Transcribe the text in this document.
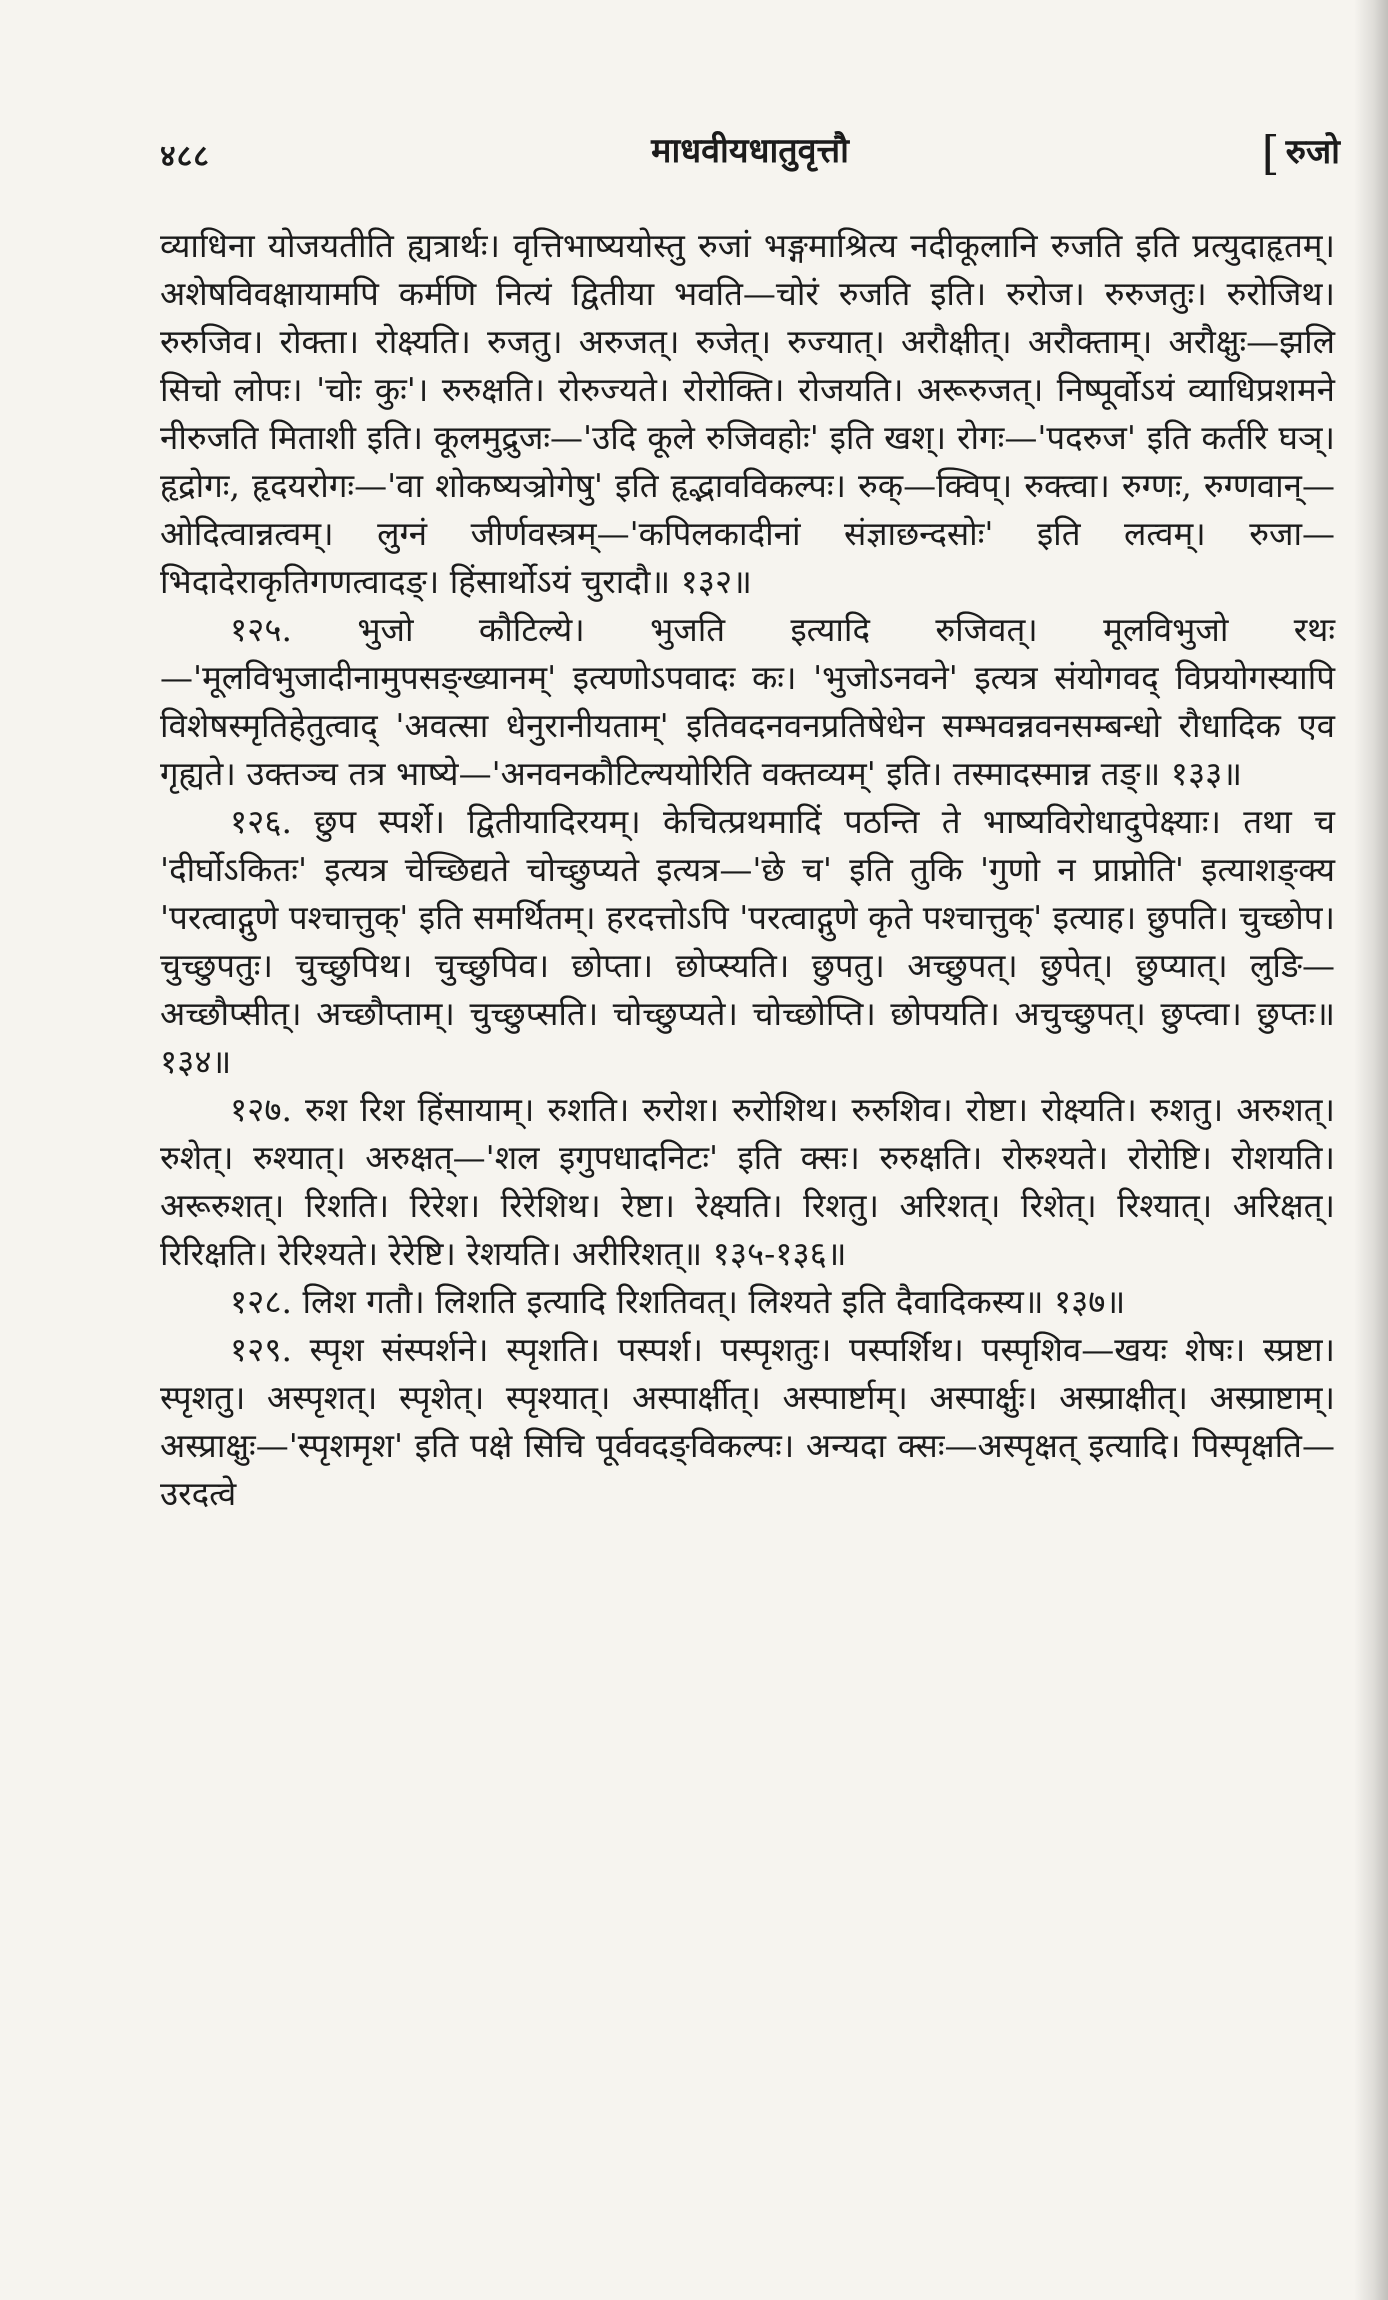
४८८	माधवीयधातुवृत्तौ	[ रुजो

व्याधिना योजयतीति ह्यत्रार्थः। वृत्तिभाष्ययोस्तु रुजां भङ्गमाश्रित्य नदीकूलानि रुजति इति प्रत्युदाहृतम्। अशेषविवक्षायामपि कर्मणि नित्यं द्वितीया भवति—चोरं रुजति इति। रुरोज। रुरुजतुः। रुरोजिथ। रुरुजिव। रोक्ता। रोक्ष्यति। रुजतु। अरुजत्। रुजेत्। रुज्यात्। अरौक्षीत्। अरौक्ताम्। अरौक्षुः—झलि सिचो लोपः। 'चोः कुः'। रुरुक्षति। रोरुज्यते। रोरोक्ति। रोजयति। अरूरुजत्। निष्पूर्वोऽयं व्याधिप्रशमने नीरुजति मिताशी इति। कूलमुद्रुजः—'उदि कूले रुजिवहोः' इति खश्। रोगः—'पदरुज' इति कर्तरि घञ्। हृद्रोगः, हृदयरोगः—'वा शोकष्यञ्रोगेषु' इति हृद्भावविकल्पः। रुक्—क्विप्। रुक्त्वा। रुग्णः, रुग्णवान्—ओदित्वान्नत्वम्। लुग्नं जीर्णवस्त्रम्—'कपिलकादीनां संज्ञाछन्दसोः' इति लत्वम्। रुजा—भिदादेराकृतिगणत्वादङ्। हिंसार्थोऽयं चुरादौ॥ १३२॥

१२५. भुजो कौटिल्ये। भुजति इत्यादि रुजिवत्। मूलविभुजो रथः—'मूलविभुजादीनामुपसङ्ख्यानम्' इत्यणोऽपवादः कः। 'भुजोऽनवने' इत्यत्र संयोगवद् विप्रयोगस्यापि विशेषस्मृतिहेतुत्वाद् 'अवत्सा धेनुरानीयताम्' इतिवदनवनप्रतिषेधेन सम्भवन्नवनसम्बन्धो रौधादिक एव गृह्यते। उक्तञ्च तत्र भाष्ये—'अनवनकौटिल्ययोरिति वक्तव्यम्' इति। तस्मादस्मान्न तङ्॥ १३३॥

१२६. छुप स्पर्शे। द्वितीयादिरयम्। केचित्प्रथमादिं पठन्ति ते भाष्यविरोधादुपेक्ष्याः। तथा च 'दीर्घोऽकितः' इत्यत्र चेच्छिद्यते चोच्छुप्यते इत्यत्र—'छे च' इति तुकि 'गुणो न प्राप्नोति' इत्याशङ्क्य 'परत्वाद्गुणे पश्चात्तुक्' इति समर्थितम्। हरदत्तोऽपि 'परत्वाद्गुणे कृते पश्चात्तुक्' इत्याह। छुपति। चुच्छोप। चुच्छुपतुः। चुच्छुपिथ। चुच्छुपिव। छोप्ता। छोप्स्यति। छुपतु। अच्छुपत्। छुपेत्। छुप्यात्। लुङि—अच्छौप्सीत्। अच्छौप्ताम्। चुच्छुप्सति। चोच्छुप्यते। चोच्छोप्ति। छोपयति। अचुच्छुपत्। छुप्त्वा। छुप्तः॥ १३४॥

१२७. रुश रिश हिंसायाम्। रुशति। रुरोश। रुरोशिथ। रुरुशिव। रोष्टा। रोक्ष्यति। रुशतु। अरुशत्। रुशेत्। रुश्यात्। अरुक्षत्—'शल इगुपधादनिटः' इति क्सः। रुरुक्षति। रोरुश्यते। रोरोष्टि। रोशयति। अरूरुशत्। रिशति। रिरेश। रिरेशिथ। रेष्टा। रेक्ष्यति। रिशतु। अरिशत्। रिशेत्। रिश्यात्। अरिक्षत्। रिरिक्षति। रेरिश्यते। रेरेष्टि। रेशयति। अरीरिशत्॥ १३५-१३६॥

१२८. लिश गतौ। लिशति इत्यादि रिशतिवत्। लिश्यते इति दैवादिकस्य॥ १३७॥

१२९. स्पृश संस्पर्शने। स्पृशति। पस्पर्श। पस्पृशतुः। पस्पर्शिथ। पस्पृशिव—खयः शेषः। स्प्रष्टा। स्पृशतु। अस्पृशत्। स्पृशेत्। स्पृश्यात्। अस्पार्क्षीत्। अस्पार्ष्टाम्। अस्पार्क्षुः। अस्प्राक्षीत्। अस्प्राष्टाम्। अस्प्राक्षुः—'स्पृशमृश' इति पक्षे सिचि पूर्ववदङ्विकल्पः। अन्यदा क्सः—अस्पृक्षत् इत्यादि। पिस्पृक्षति—उरदत्वे
